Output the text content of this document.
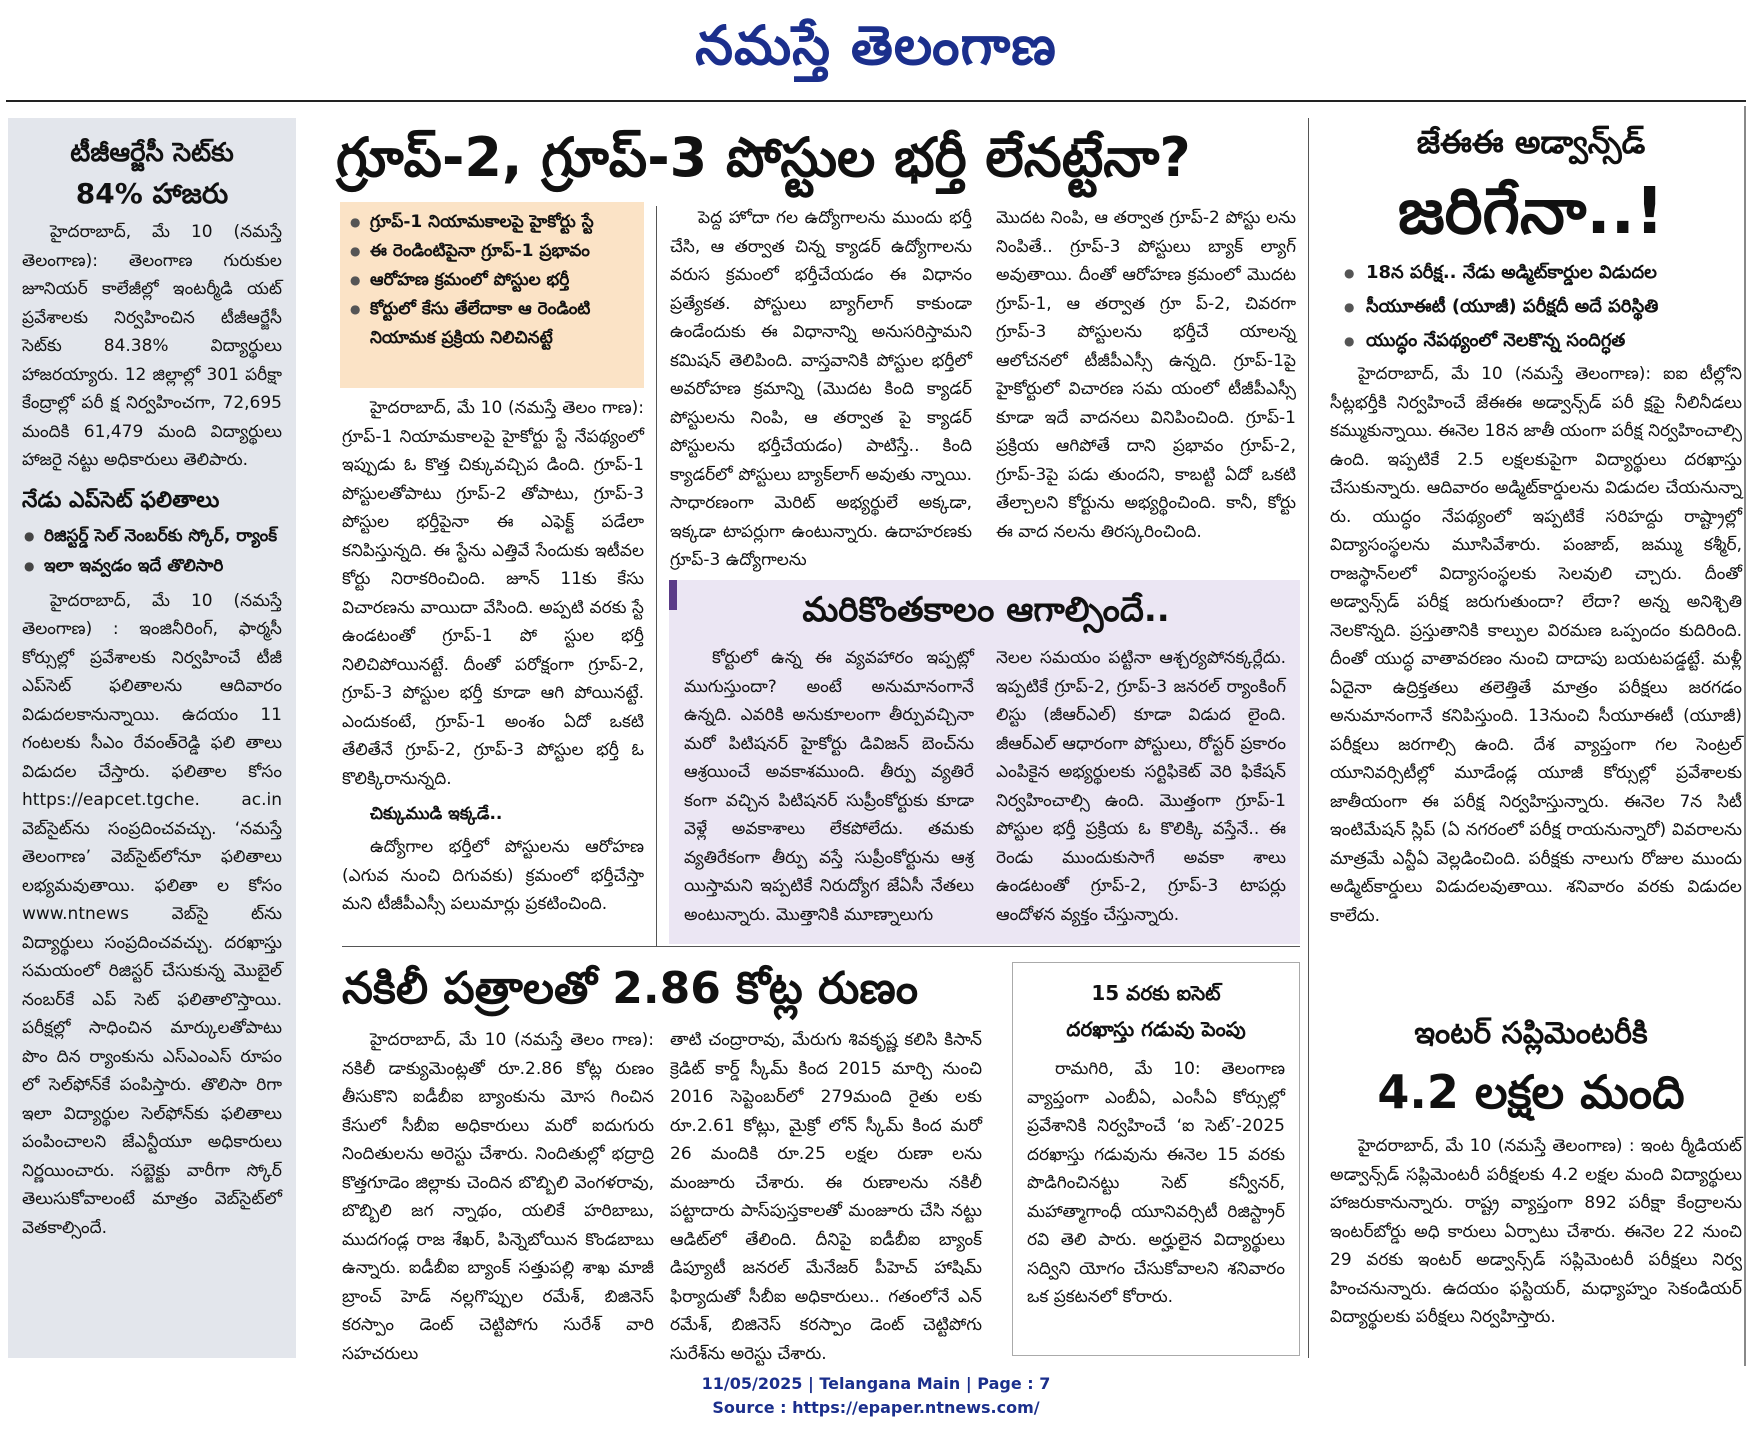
నమస్తే తెలంగాణ
టీజీఆర్జేసీ సెట్‌కు
84% హాజరు

హైదరాబాద్, మే 10 (నమస్తే తెలంగాణ): తెలంగాణ గురుకుల జూనియర్ కాలేజీల్లో ఇంటర్మీడి యట్ ప్రవేశాలకు నిర్వహించిన టీజీఆర్జేసీ సెట్‌కు 84.38% విద్యార్థులు హాజరయ్యారు. 12 జిల్లాల్లో 301 పరీక్షా కేంద్రాల్లో పరీ క్ష నిర్వహించగా, 72,695 మందికి 61,479 మంది విద్యార్థులు హాజరై నట్టు అధికారులు తెలిపారు.

నేడు ఎప్‌సెట్ ఫలితాలు
● రిజిస్టర్డ్ సెల్ నెంబర్‌కు స్కోర్, ర్యాంక్
● ఇలా ఇవ్వడం ఇదే తొలిసారి

హైదరాబాద్, మే 10 (నమస్తే తెలంగాణ) : ఇంజినీరింగ్, ఫార్మసీ కోర్సుల్లో ప్రవేశాలకు నిర్వహించే టీజీ ఎప్‌సెట్ ఫలితాలను ఆదివారం విడుదలకానున్నాయి. ఉదయం 11 గంటలకు సీఎం రేవంత్‌రెడ్డి ఫలి తాలు విడుదల చేస్తారు. ఫలితాల కోసం https://eapcet.tgche. ac.in వెబ్‌సైట్‌ను సంప్రదించవచ్చు. ‘నమస్తే తెలంగాణ’ వెబ్‌సైట్‌లోనూ ఫలితాలు లభ్యమవుతాయి. ఫలితా ల కోసం www.ntnews వెబ్‌సై ట్‌ను విద్యార్థులు సంప్రదించవచ్చు. దరఖాస్తు సమయంలో రిజిస్టర్ చేసుకున్న మొబైల్ నంబర్‌కే ఎప్ సెట్ ఫలితాలొస్తాయి. పరీక్షల్లో సాధించిన మార్కులతోపాటు పొం దిన ర్యాంకును ఎస్ఎంఎస్ రూపం లో సెల్‌ఫోన్‌కే పంపిస్తారు. తొలిసా రిగా ఇలా విద్యార్థుల సెల్‌ఫోన్‌కు ఫలితాలు పంపించాలని జేఎన్టీయూ అధికారులు నిర్ణయించారు. సబ్జెక్టు వారీగా స్కోర్ తెలుసుకోవాలంటే మాత్రం వెబ్‌సైట్‌లో వెతకాల్సిందే.

గ్రూప్-2, గ్రూప్-3 పోస్టుల భర్తీ లేనట్టేనా?
● గ్రూప్-1 నియామకాలపై హైకోర్టు స్టే
● ఈ రెండింటిపైనా గ్రూప్-1 ప్రభావం
● ఆరోహణ క్రమంలో పోస్టుల భర్తీ
● కోర్టులో కేసు తేలేదాకా ఆ రెండింటి నియామక ప్రక్రియ నిలిచినట్టే

హైదరాబాద్, మే 10 (నమస్తే తెలం గాణ): గ్రూప్-1 నియామకాలపై హైకోర్టు స్టే నేపథ్యంలో ఇప్పుడు ఓ కొత్త చిక్కువచ్చిప డింది. గ్రూప్-1 పోస్టులతోపాటు గ్రూప్-2 తోపాటు, గ్రూప్-3 పోస్టుల భర్తీపైనా ఈ ఎఫెక్ట్ పడేలా కనిపిస్తున్నది. ఈ స్టేను ఎత్తివే సేందుకు ఇటీవల కోర్టు నిరాకరించింది. జూన్ 11కు కేసు విచారణను వాయిదా వేసింది. అప్పటి వరకు స్టే ఉండటంతో గ్రూప్-1 పో స్టుల భర్తీ నిలిచిపోయినట్టే. దీంతో పరోక్షంగా గ్రూప్-2, గ్రూప్-3 పోస్టుల భర్తీ కూడా ఆగి పోయినట్టే. ఎందుకంటే, గ్రూప్-1 అంశం ఏదో ఒకటి తేలితేనే గ్రూప్-2, గ్రూప్-3 పోస్టుల భర్తీ ఓ కొలిక్కిరానున్నది.

చిక్కుముడి ఇక్కడే..

ఉద్యోగాల భర్తీలో పోస్టులను ఆరోహణ (ఎగువ నుంచి దిగువకు) క్రమంలో భర్తీచేస్తా మని టీజీపీఎస్సీ పలుమార్లు ప్రకటించింది.

పెద్ద హోదా గల ఉద్యోగాలను ముందు భర్తీ చేసి, ఆ తర్వాత చిన్న క్యాడర్ ఉద్యోగాలను వరుస క్రమంలో భర్తీచేయడం ఈ విధానం ప్రత్యేకత. పోస్టులు బ్యాగ్‌లాగ్ కాకుండా ఉండేందుకు ఈ విధానాన్ని అనుసరిస్తామని కమిషన్ తెలిపింది. వాస్తవానికి పోస్టుల భర్తీలో అవరోహణ క్రమాన్ని (మొదట కింది క్యాడర్ పోస్టులను నింపి, ఆ తర్వాత పై క్యాడర్ పోస్టులను భర్తీచేయడం) పాటిస్తే.. కింది క్యాడర్‌లో పోస్టులు బ్యాక్‌లాగ్ అవుతు న్నాయి. సాధారణంగా మెరిట్ అభ్యర్థులే అక్కడా, ఇక్కడా టాపర్లుగా ఉంటున్నారు. ఉదాహరణకు గ్రూప్-3 ఉద్యోగాలను

మొదట నింపి, ఆ తర్వాత గ్రూప్-2 పోస్టు లను నింపితే.. గ్రూప్-3 పోస్టులు బ్యాక్ ల్యాగ్ అవుతాయి. దీంతో ఆరోహణ క్రమంలో మొదట గ్రూప్-1, ఆ తర్వాత గ్రూ ప్-2, చివరగా గ్రూప్-3 పోస్టులను భర్తీచే యాలన్న ఆలోచనలో టీజీపీఎస్సీ ఉన్నది. గ్రూప్-1పై హైకోర్టులో విచారణ సమ యంలో టీజీపీఎస్సీ కూడా ఇదే వాదనలు వినిపించింది. గ్రూప్-1 ప్రక్రియ ఆగిపోతే దాని ప్రభావం గ్రూప్-2, గ్రూప్-3పై పడు తుందని, కాబట్టి ఏదో ఒకటి తేల్చాలని కోర్టును అభ్యర్థించింది. కానీ, కోర్టు ఈ వాద నలను తిరస్కరించింది.

మరికొంతకాలం ఆగాల్సిందే..

కోర్టులో ఉన్న ఈ వ్యవహారం ఇప్పట్లో ముగుస్తుందా? అంటే అనుమానంగానే ఉన్నది. ఎవరికి అనుకూలంగా తీర్పువచ్చినా మరో పిటిషనర్ హైకోర్టు డివిజన్ బెంచ్‌ను ఆశ్రయించే అవకాశముంది. తీర్పు వ్యతిరే కంగా వచ్చిన పిటిషనర్ సుప్రీంకోర్టుకు కూడా వెళ్లే అవకాశాలు లేకపోలేదు. తమకు వ్యతిరేకంగా తీర్పు వస్తే సుప్రీంకోర్టును ఆశ్ర యిస్తామని ఇప్పటికే నిరుద్యోగ జేఏసీ నేతలు అంటున్నారు. మొత్తానికి మూణ్నాలుగు

నెలల సమయం పట్టినా ఆశ్చర్యపోనక్కర్లేదు. ఇప్పటికే గ్రూప్-2, గ్రూప్-3 జనరల్ ర్యాంకింగ్ లిస్టు (జీఆర్‌ఎల్) కూడా విడుద లైంది. జీఆర్‌ఎల్ ఆధారంగా పోస్టులు, రోస్టర్ ప్రకారం ఎంపికైన అభ్యర్థులకు సర్టిఫికెట్ వెరి ఫికేషన్ నిర్వహించాల్సి ఉంది. మొత్తంగా గ్రూప్-1 పోస్టుల భర్తీ ప్రక్రియ ఓ కొలిక్కి వస్తేనే.. ఈ రెండు ముందుకుసాగే అవకా శాలు ఉండటంతో గ్రూప్-2, గ్రూప్-3 టాపర్లు ఆందోళన వ్యక్తం చేస్తున్నారు.

నకిలీ పత్రాలతో 2.86 కోట్ల రుణం

హైదరాబాద్, మే 10 (నమస్తే తెలం గాణ): నకిలీ డాక్యుమెంట్లతో రూ.2.86 కోట్ల రుణం తీసుకొని ఐడీబీఐ బ్యాంకును మోస గించిన కేసులో సీబీఐ అధికారులు మరో ఐదుగురు నిందితులను అరెస్టు చేశారు. నిందితుల్లో భద్రాద్రి కొత్తగూడెం జిల్లాకు చెందిన బొబ్బిలి వెంగళరావు, బొబ్బిలి జగ న్నాథం, యలికే హరిబాబు, ముదగండ్ల రాజ శేఖర్, పిన్నెబోయిన కొండబాబు ఉన్నారు. ఐడీబీఐ బ్యాంక్ సత్తుపల్లి శాఖ మాజీ బ్రాంచ్ హెడ్ నల్లగొప్పుల రమేశ్, బిజినెస్ కరస్పాం డెంట్ చెట్టిపోగు సురేశ్ వారి సహచరులు

తాటి చంద్రారావు, మేరుగు శివకృష్ణ కలిసి కిసాన్ క్రెడిట్ కార్డ్ స్కీమ్ కింద 2015 మార్చి నుంచి 2016 సెప్టెంబర్‌లో 279మంది రైతు లకు రూ.2.61 కోట్లు, మైక్రో లోన్ స్కీమ్ కింద మరో 26 మందికి రూ.25 లక్షల రుణా లను మంజూరు చేశారు. ఈ రుణాలను నకిలీ పట్టాదారు పాస్‌పుస్తకాలతో మంజూరు చేసి నట్టు ఆడిట్‌లో తేలింది. దీనిపై ఐడీబీఐ బ్యాంక్ డిప్యూటీ జనరల్ మేనేజర్ పీహెచ్ హాషిమ్ ఫిర్యాదుతో సీబీఐ అధికారులు.. గతంలోనే ఎన్ రమేశ్, బిజినెస్ కరస్పాం డెంట్ చెట్టిపోగు సురేశ్‌ను అరెస్టు చేశారు.

15 వరకు ఐసెట్
దరఖాస్తు గడువు పెంపు

రామగిరి, మే 10: తెలంగాణ వ్యాప్తంగా ఎంబీఏ, ఎంసీఏ కోర్సుల్లో ప్రవేశానికి నిర్వహించే ‘ఐ సెట్’-2025 దరఖాస్తు గడువును ఈనెల 15 వరకు పొడిగించినట్టు సెట్ కన్వీనర్, మహాత్మాగాంధీ యూనివర్సిటీ రిజిస్ట్రార్ రవి తెలి పారు. అర్హులైన విద్యార్థులు సద్విని యోగం చేసుకోవాలని శనివారం ఒక ప్రకటనలో కోరారు.

జేఈఈ అడ్వాన్స్‌డ్
జరిగేనా..!
● 18న పరీక్ష.. నేడు అడ్మిట్‌కార్డుల విడుదల
● సీయూఈటీ (యూజీ) పరీక్షదీ అదే పరిస్థితి
● యుద్ధం నేపథ్యంలో నెలకొన్న సందిగ్ధత

హైదరాబాద్, మే 10 (నమస్తే తెలంగాణ): ఐఐ టీల్లోని సీట్లభర్తీకి నిర్వహించే జేఈఈ అడ్వాన్స్‌డ్ పరీ క్షపై నీలినీడలు కమ్ముకున్నాయి. ఈనెల 18న జాతీ యంగా పరీక్ష నిర్వహించాల్సి ఉంది. ఇప్పటికే 2.5 లక్షలకుపైగా విద్యార్థులు దరఖాస్తు చేసుకున్నారు. ఆదివారం అడ్మిట్‌కార్డులను విడుదల చేయనున్నా రు. యుద్ధం నేపథ్యంలో ఇప్పటికే సరిహద్దు రాష్ట్రాల్లో విద్యాసంస్థలను మూసివేశారు. పంజాబ్, జమ్ము కశ్మీర్, రాజస్థాన్‌లలో విద్యాసంస్థలకు సెలవులి చ్చారు. దీంతో అడ్వాన్స్‌డ్ పరీక్ష జరుగుతుందా? లేదా? అన్న అనిశ్చితి నెలకొన్నది. ప్రస్తుతానికి కాల్పుల విరమణ ఒప్పందం కుదిరింది. దీంతో యుద్ధ వాతావరణం నుంచి దాదాపు బయటపడ్డట్టే. మళ్లీ ఏదైనా ఉద్రిక్తతలు తలెత్తితే మాత్రం పరీక్షలు జరగడం అనుమానంగానే కనిపిస్తుంది. 13నుంచి సీయూఈటీ (యూజీ) పరీక్షలు జరగాల్సి ఉంది. దేశ వ్యాప్తంగా గల సెంట్రల్ యూనివర్సిటీల్లో మూడేండ్ల యూజీ కోర్సుల్లో ప్రవేశాలకు జాతీయంగా ఈ పరీక్ష నిర్వహిస్తున్నారు. ఈనెల 7న సిటీ ఇంటిమేషన్ స్లిప్ (ఏ నగరంలో పరీక్ష రాయనున్నారో) వివరాలను మాత్రమే ఎన్టీఏ వెల్లడించింది. పరీక్షకు నాలుగు రోజుల ముందు అడ్మిట్‌కార్డులు విడుదలవుతాయి. శనివారం వరకు విడుదల కాలేదు.

ఇంటర్ సప్లిమెంటరీకి
4.2 లక్షల మంది

హైదరాబాద్, మే 10 (నమస్తే తెలంగాణ) : ఇంట ర్మీడియట్ అడ్వాన్స్‌డ్ సప్లిమెంటరీ పరీక్షలకు 4.2 లక్షల మంది విద్యార్థులు హాజరుకానున్నారు. రాష్ట్ర వ్యాప్తంగా 892 పరీక్షా కేంద్రాలను ఇంటర్‌బోర్డు అధి కారులు ఏర్పాటు చేశారు. ఈనెల 22 నుంచి 29 వరకు ఇంటర్ అడ్వాన్స్‌డ్ సప్లిమెంటరీ పరీక్షలు నిర్వ హించనున్నారు. ఉదయం ఫస్టియర్, మధ్యాహ్నం సెకండియర్ విద్యార్థులకు పరీక్షలు నిర్వహిస్తారు.

11/05/2025 | Telangana Main | Page : 7
Source : https://epaper.ntnews.com/
